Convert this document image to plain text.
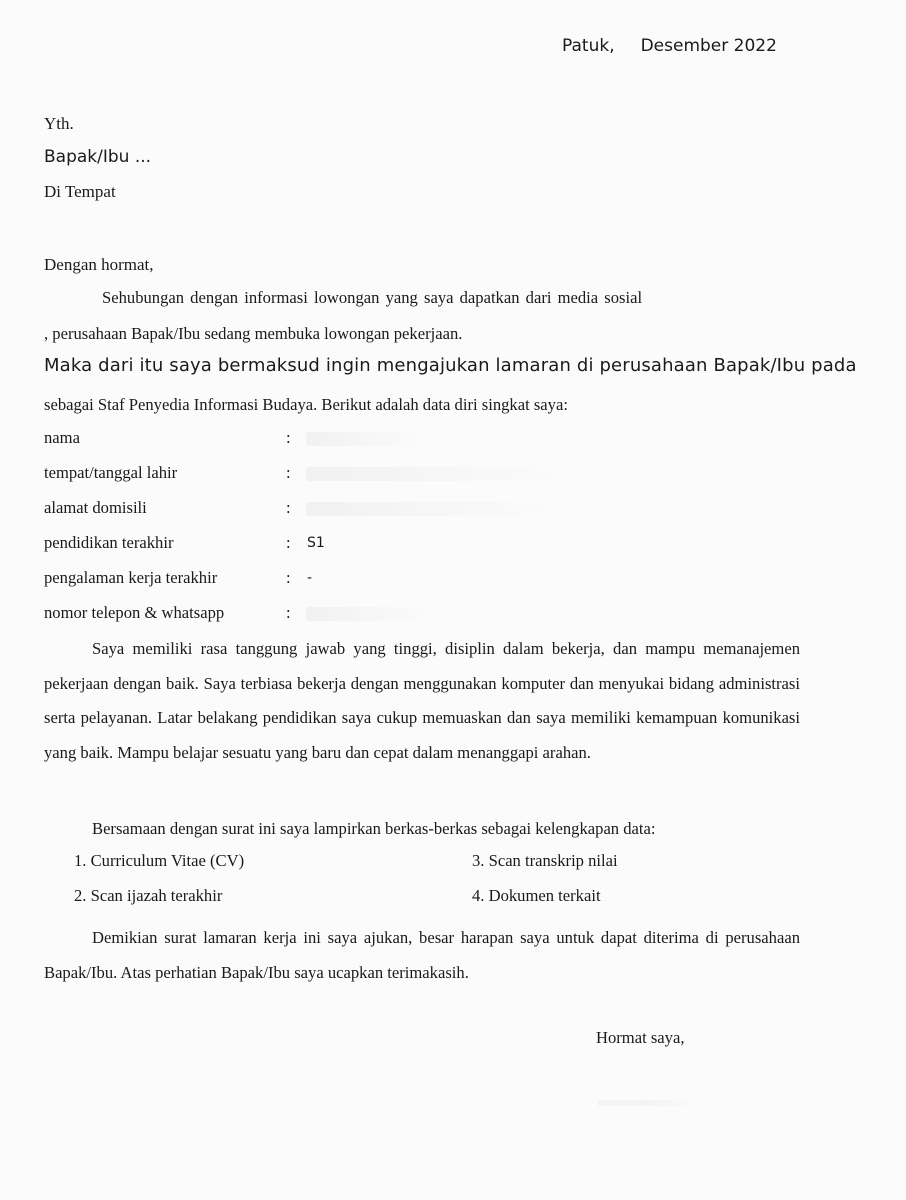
Patuk, Desember 2022
Yth.
Bapak/Ibu ...
Di Tempat
Dengan hormat,
Sehubungan dengan informasi lowongan yang saya dapatkan dari media sosial
, perusahaan Bapak/Ibu sedang membuka lowongan pekerjaan.
Maka dari itu saya bermaksud ingin mengajukan lamaran di perusahaan Bapak/Ibu pada
sebagai Staf Penyedia Informasi Budaya. Berikut adalah data diri singkat saya:
nama	:
tempat/tanggal lahir	:
alamat domisili	:
pendidikan terakhir	: S1
pengalaman kerja terakhir	: -
nomor telepon & whatsapp	:
Saya memiliki rasa tanggung jawab yang tinggi, disiplin dalam bekerja, dan mampu memanajemen pekerjaan dengan baik. Saya terbiasa bekerja dengan menggunakan komputer dan menyukai bidang administrasi serta pelayanan. Latar belakang pendidikan saya cukup memuaskan dan saya memiliki kemampuan komunikasi yang baik. Mampu belajar sesuatu yang baru dan cepat dalam menanggapi arahan.
Bersamaan dengan surat ini saya lampirkan berkas-berkas sebagai kelengkapan data:
1. Curriculum Vitae (CV)
2. Scan ijazah terakhir
3. Scan transkrip nilai
4. Dokumen terkait
Demikian surat lamaran kerja ini saya ajukan, besar harapan saya untuk dapat diterima di perusahaan Bapak/Ibu. Atas perhatian Bapak/Ibu saya ucapkan terimakasih.
Hormat saya,
